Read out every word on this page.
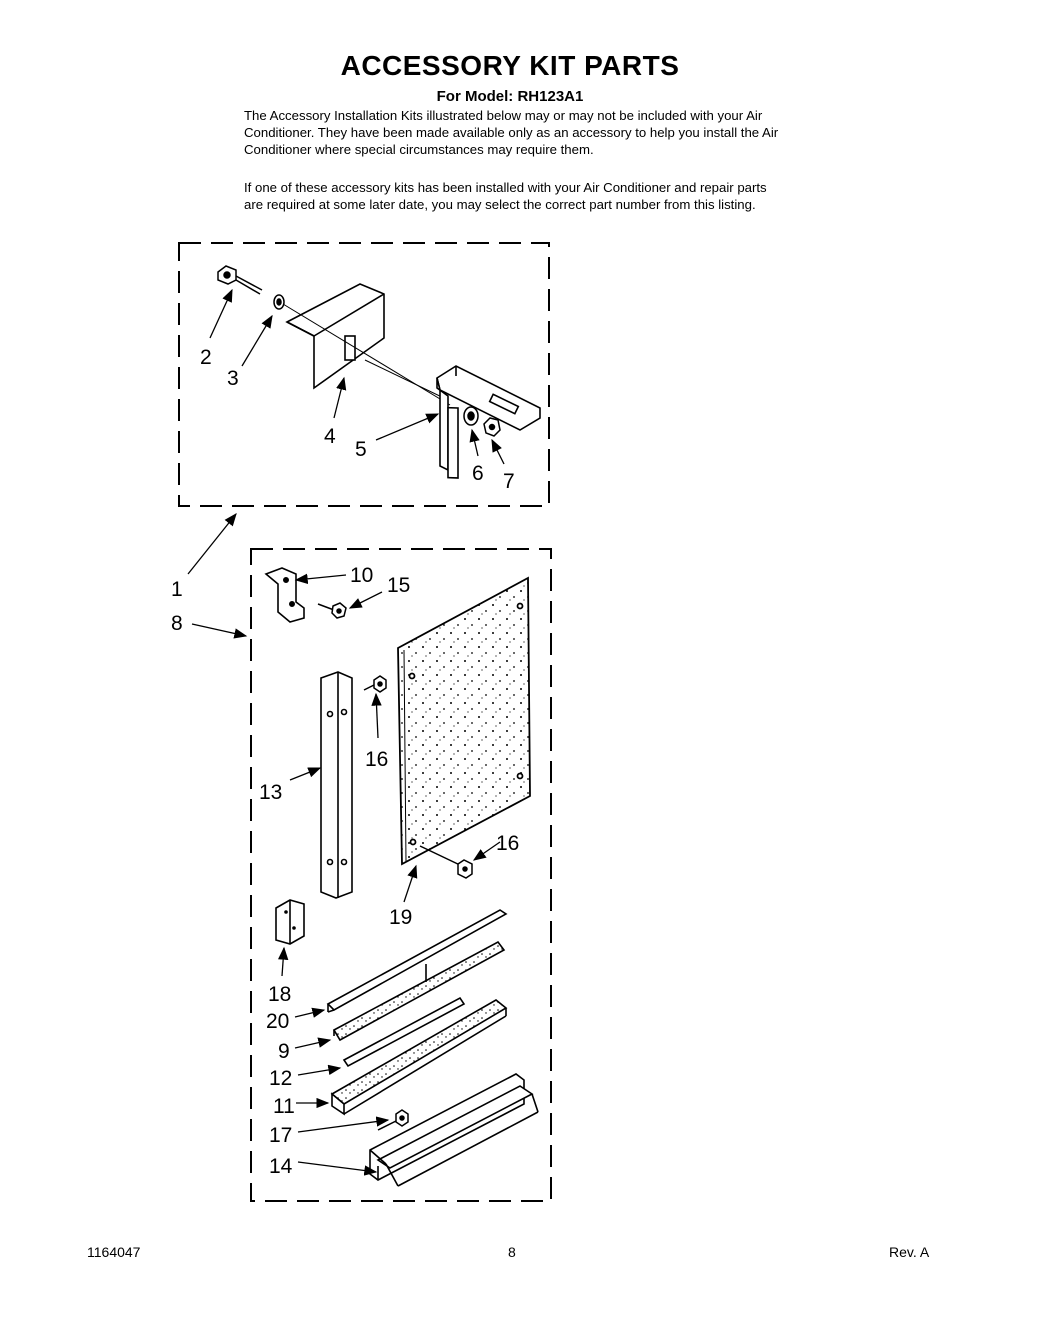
ACCESSORY KIT PARTS
For Model: RH123A1
The Accessory Installation Kits illustrated below may or may not be included with your Air Conditioner. They have been made available only as an accessory to help you install the Air Conditioner where special circumstances may require them.
If one of these accessory kits has been installed with your Air Conditioner and repair parts are required at some later date, you may select the correct part number from this listing.
2
3
4
5
6 7
1
8
10 15
16
13
16
19
18
20
9
12
11
17
14
1164047	8	Rev. A
